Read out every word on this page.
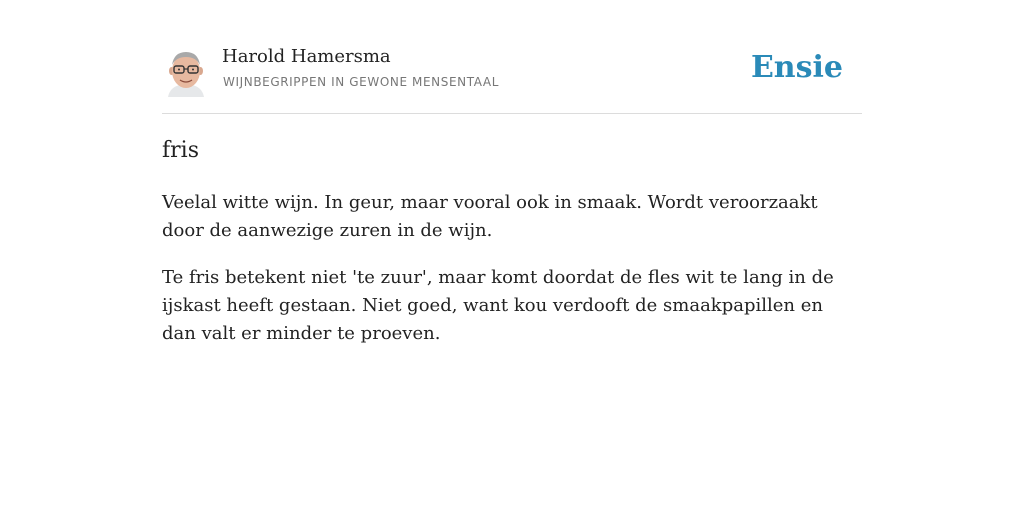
Harold Hamersma
WIJNBEGRIPPEN IN GEWONE MENSENTAAL	Ensie
fris

Veelal witte wijn. In geur, maar vooral ook in smaak. Wordt veroorzaakt door de aanwezige zuren in de wijn.

Te fris betekent niet 'te zuur', maar komt doordat de fles wit te lang in de ijskast heeft gestaan. Niet goed, want kou verdooft de smaakpapillen en dan valt er minder te proeven.
